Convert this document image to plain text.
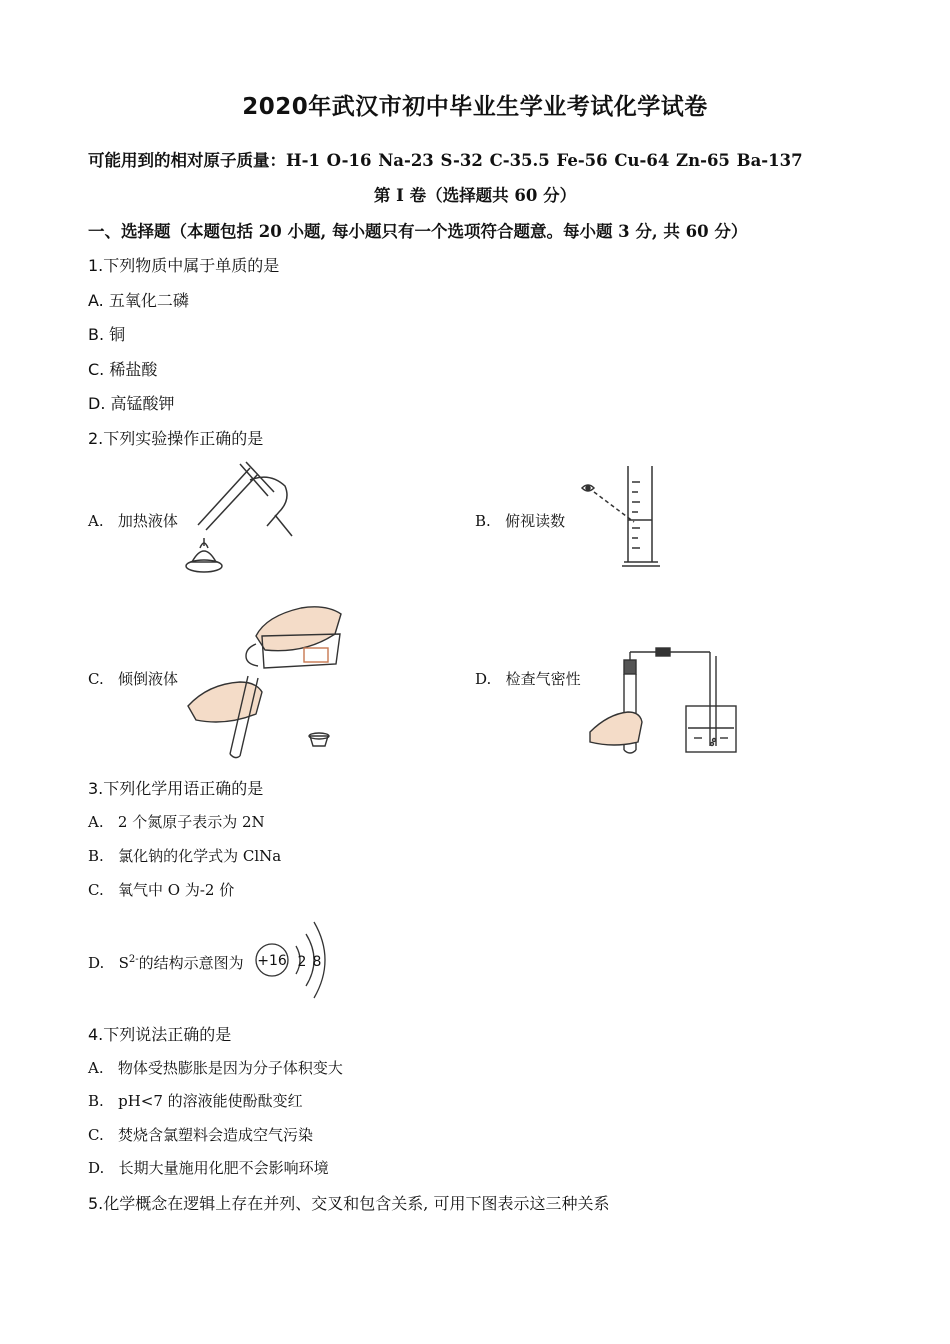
2020年武汉市初中毕业生学业考试化学试卷
可能用到的相对原子质量：H-1 O-16 Na-23 S-32 C-35.5 Fe-56 Cu-64 Zn-65 Ba-137
第 I 卷（选择题共 60 分）
一、选择题（本题包括 20 小题, 每小题只有一个选项符合题意。每小题 3 分, 共 60 分）
1.下列物质中属于单质的是
A. 五氧化二磷
B. 铜
C. 稀盐酸
D. 高锰酸钾
2.下列实验操作正确的是
A. 加热液体	B. 俯视读数
C. 倾倒液体	D. 检查气密性
3.下列化学用语正确的是
A. 2 个氮原子表示为 2N
B. 氯化钠的化学式为 ClNa
C. 氧气中 O 为-2 价
D. $S^{2-}$的结构示意图为 +16 2 8
4.下列说法正确的是
A. 物体受热膨胀是因为分子体积变大
B. pH<7 的溶液能使酚酞变红
C. 焚烧含氯塑料会造成空气污染
D. 长期大量施用化肥不会影响环境
5.化学概念在逻辑上存在并列、交叉和包含关系, 可用下图表示这三种关系
